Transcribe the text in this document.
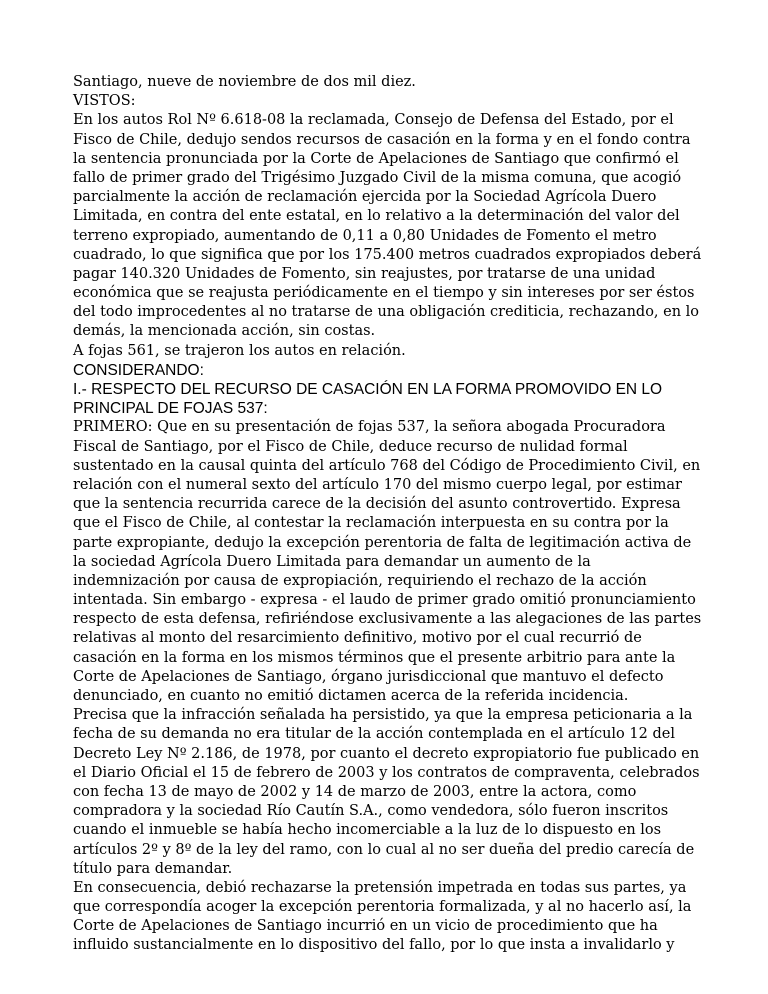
Santiago, nueve de noviembre de dos mil diez.
VISTOS:
En los autos Rol Nº 6.618-08 la reclamada, Consejo de Defensa del Estado, por el
Fisco de Chile, dedujo sendos recursos de casación en la forma y en el fondo contra
la sentencia pronunciada por la Corte de Apelaciones de Santiago que confirmó el
fallo de primer grado del Trigésimo Juzgado Civil de la misma comuna, que acogió
parcialmente la acción de reclamación ejercida por la Sociedad Agrícola Duero
Limitada, en contra del ente estatal, en lo relativo a la determinación del valor del
terreno expropiado, aumentando de 0,11 a 0,80 Unidades de Fomento el metro
cuadrado, lo que significa que por los 175.400 metros cuadrados expropiados deberá
pagar 140.320 Unidades de Fomento, sin reajustes, por tratarse de una unidad
económica que se reajusta periódicamente en el tiempo y sin intereses por ser éstos
del todo improcedentes al no tratarse de una obligación crediticia, rechazando, en lo
demás, la mencionada acción, sin costas.
A fojas 561, se trajeron los autos en relación.
CONSIDERANDO:
I.- RESPECTO DEL RECURSO DE CASACIÓN EN LA FORMA PROMOVIDO EN LO
PRINCIPAL DE FOJAS 537:
PRIMERO: Que en su presentación de fojas 537, la señora abogada Procuradora
Fiscal de Santiago, por el Fisco de Chile, deduce recurso de nulidad formal
sustentado en la causal quinta del artículo 768 del Código de Procedimiento Civil, en
relación con el numeral sexto del artículo 170 del mismo cuerpo legal, por estimar
que la sentencia recurrida carece de la decisión del asunto controvertido. Expresa
que el Fisco de Chile, al contestar la reclamación interpuesta en su contra por la
parte expropiante, dedujo la excepción perentoria de falta de legitimación activa de
la sociedad Agrícola Duero Limitada para demandar un aumento de la
indemnización por causa de expropiación, requiriendo el rechazo de la acción
intentada. Sin embargo - expresa - el laudo de primer grado omitió pronunciamiento
respecto de esta defensa, refiriéndose exclusivamente a las alegaciones de las partes
relativas al monto del resarcimiento definitivo, motivo por el cual recurrió de
casación en la forma en los mismos términos que el presente arbitrio para ante la
Corte de Apelaciones de Santiago, órgano jurisdiccional que mantuvo el defecto
denunciado, en cuanto no emitió dictamen acerca de la referida incidencia.
Precisa que la infracción señalada ha persistido, ya que la empresa peticionaria a la
fecha de su demanda no era titular de la acción contemplada en el artículo 12 del
Decreto Ley Nº 2.186, de 1978, por cuanto el decreto expropiatorio fue publicado en
el Diario Oficial el 15 de febrero de 2003 y los contratos de compraventa, celebrados
con fecha 13 de mayo de 2002 y 14 de marzo de 2003, entre la actora, como
compradora y la sociedad Río Cautín S.A., como vendedora, sólo fueron inscritos
cuando el inmueble se había hecho incomerciable a la luz de lo dispuesto en los
artículos 2º y 8º de la ley del ramo, con lo cual al no ser dueña del predio carecía de
título para demandar.
En consecuencia, debió rechazarse la pretensión impetrada en todas sus partes, ya
que correspondía acoger la excepción perentoria formalizada, y al no hacerlo así, la
Corte de Apelaciones de Santiago incurrió en un vicio de procedimiento que ha
influido sustancialmente en lo dispositivo del fallo, por lo que insta a invalidarlo y
